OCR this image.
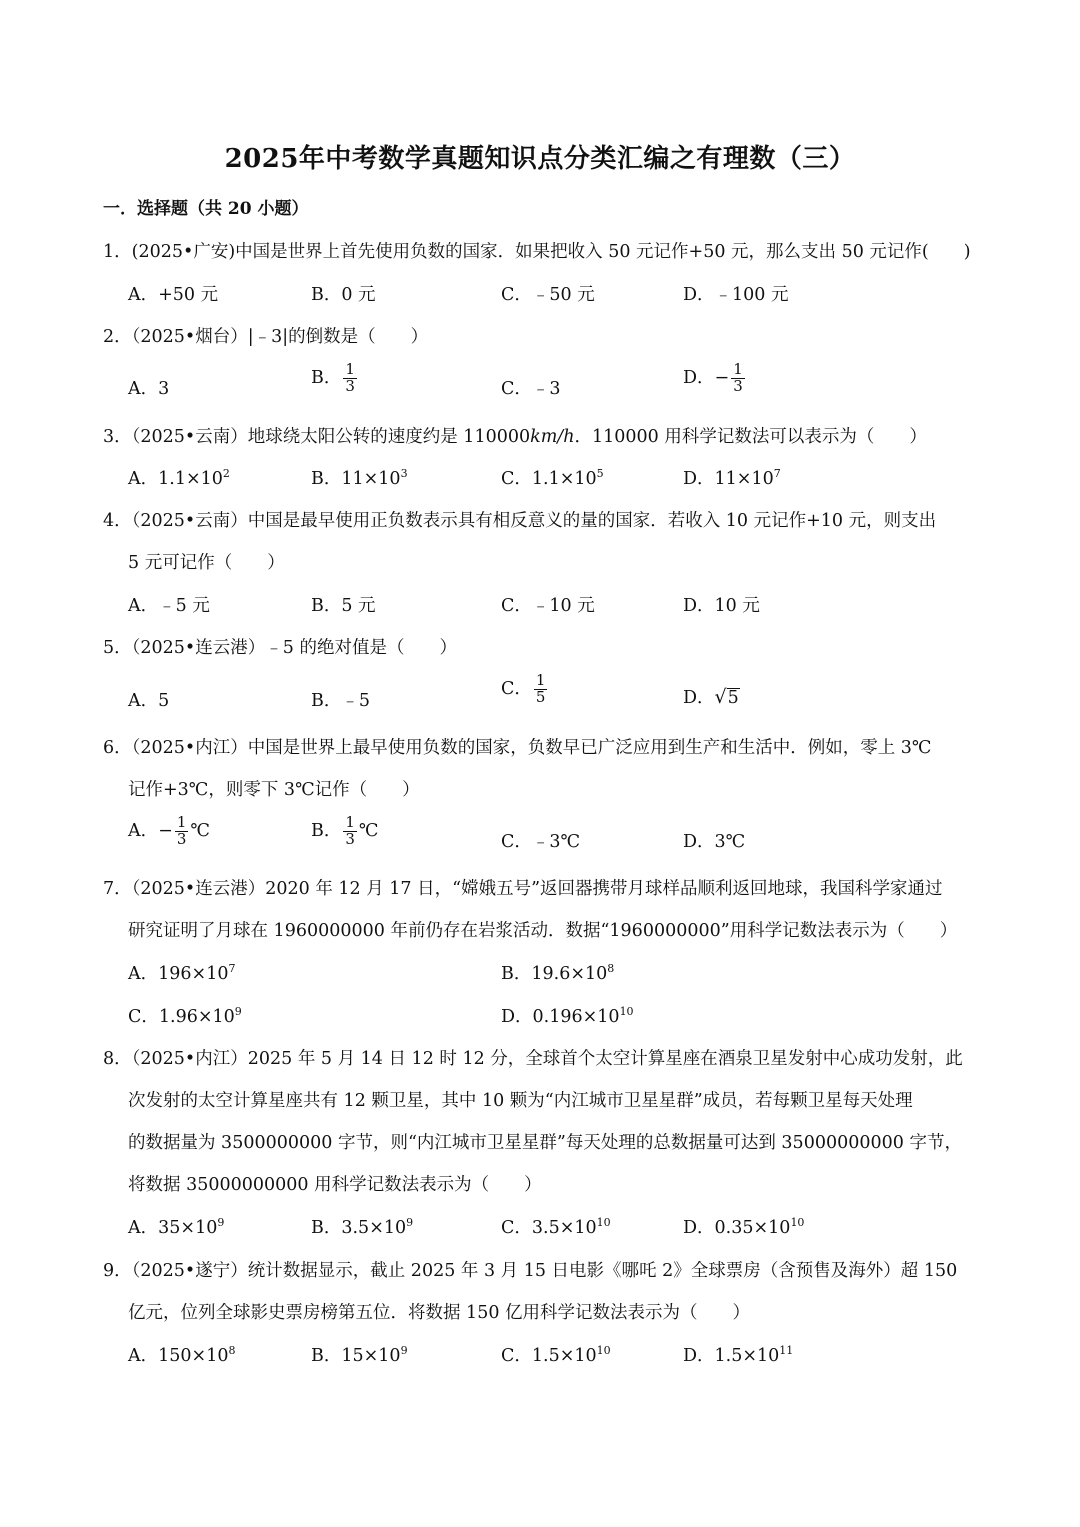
2025年中考数学真题知识点分类汇编之有理数（三）
一．选择题（共 20 小题）
1．(2025•广安)中国是世界上首先使用负数的国家．如果把收入 50 元记作+50 元，那么支出 50 元记作(　　)
A．+50 元	B．0 元	C．﹣50 元	D．﹣100 元
2．（2025•烟台）|﹣3|的倒数是（　　）
A．3
B． $\frac{1}{3}$	C．﹣3
D．− $\frac{1}{3}$
3．（2025•云南）地球绕太阳公转的速度约是 110000km/h．110000 用科学记数法可以表示为（　　）
A．$1.1\times 10^2$	B．$11\times 10^3$	C．$1.1\times 10^5$	D．$11\times 10^7$
4．（2025•云南）中国是最早使用正负数表示具有相反意义的量的国家．若收入 10 元记作+10 元，则支出
5 元可记作（　　）
A．﹣5 元	B．5 元	C．﹣10 元	D．10 元
5．（2025•连云港）﹣5 的绝对值是（　　）
A．5	B．﹣5
C． $\frac{1}{5}$	D． √ 5
6．（2025•内江）中国是世界上最早使用负数的国家，负数早已广泛应用到生产和生活中．例如，零上 3℃
记作+3℃，则零下 3℃记作（　　）
A．− $\frac{1}{3}$ ℃	B． $\frac{1}{3}$ ℃
C．﹣3℃	D．3℃
7．（2025•连云港）2020 年 12 月 17 日，“嫦娥五号”返回器携带月球样品顺利返回地球，我国科学家通过
研究证明了月球在 1960000000 年前仍存在岩浆活动．数据“1960000000”用科学记数法表示为（　　）
A．$196\times 10^7$	B．$19.6\times 10^8$
C．$1.96\times 10^9$	D．$0.196\times 10^{10}$
8．（2025•内江）2025 年 5 月 14 日 12 时 12 分，全球首个太空计算星座在酒泉卫星发射中心成功发射，此
次发射的太空计算星座共有 12 颗卫星，其中 10 颗为“内江城市卫星星群”成员，若每颗卫星每天处理
的数据量为 3500000000 字节，则“内江城市卫星星群”每天处理的总数据量可达到 35000000000 字节，
将数据 35000000000 用科学记数法表示为（　　）
A．$35\times 10^9$	B．$3.5\times 10^9$	C．$3.5\times 10^{10}$	D．$0.35\times 10^{10}$
9．（2025•遂宁）统计数据显示，截止 2025 年 3 月 15 日电影《哪吒 2》全球票房（含预售及海外）超 150
亿元，位列全球影史票房榜第五位．将数据 150 亿用科学记数法表示为（　　）
A．$150\times 10^8$	B．$15\times 10^9$	C．$1.5\times 10^{10}$	D．$1.5\times 10^{11}$
